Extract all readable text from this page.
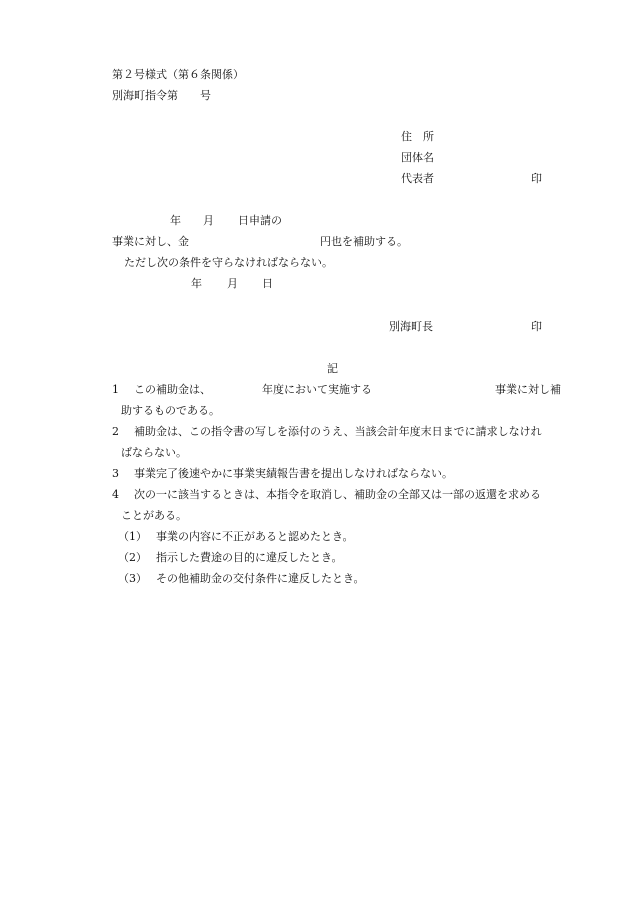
第２号様式（第６条関係）
別海町指令第　　号
住　所
団体名
代表者	印
年 月 日申請の
事業に対し、金	円也を補助する。
ただし次の条件を守らなければならない。
年 月 日
別海町長	印
記
1 この補助金は、	年度において実施する	事業に対し補
助するものである。
2 補助金は、この指令書の写しを添付のうえ、当該会計年度末日までに請求しなけれ
ばならない。
3 事業完了後速やかに事業実績報告書を提出しなければならない。
4 次の一に該当するときは、本指令を取消し、補助金の全部又は一部の返還を求める
ことがある。
（1） 事業の内容に不正があると認めたとき。
（2） 指示した費途の目的に違反したとき。
（3） その他補助金の交付条件に違反したとき。
